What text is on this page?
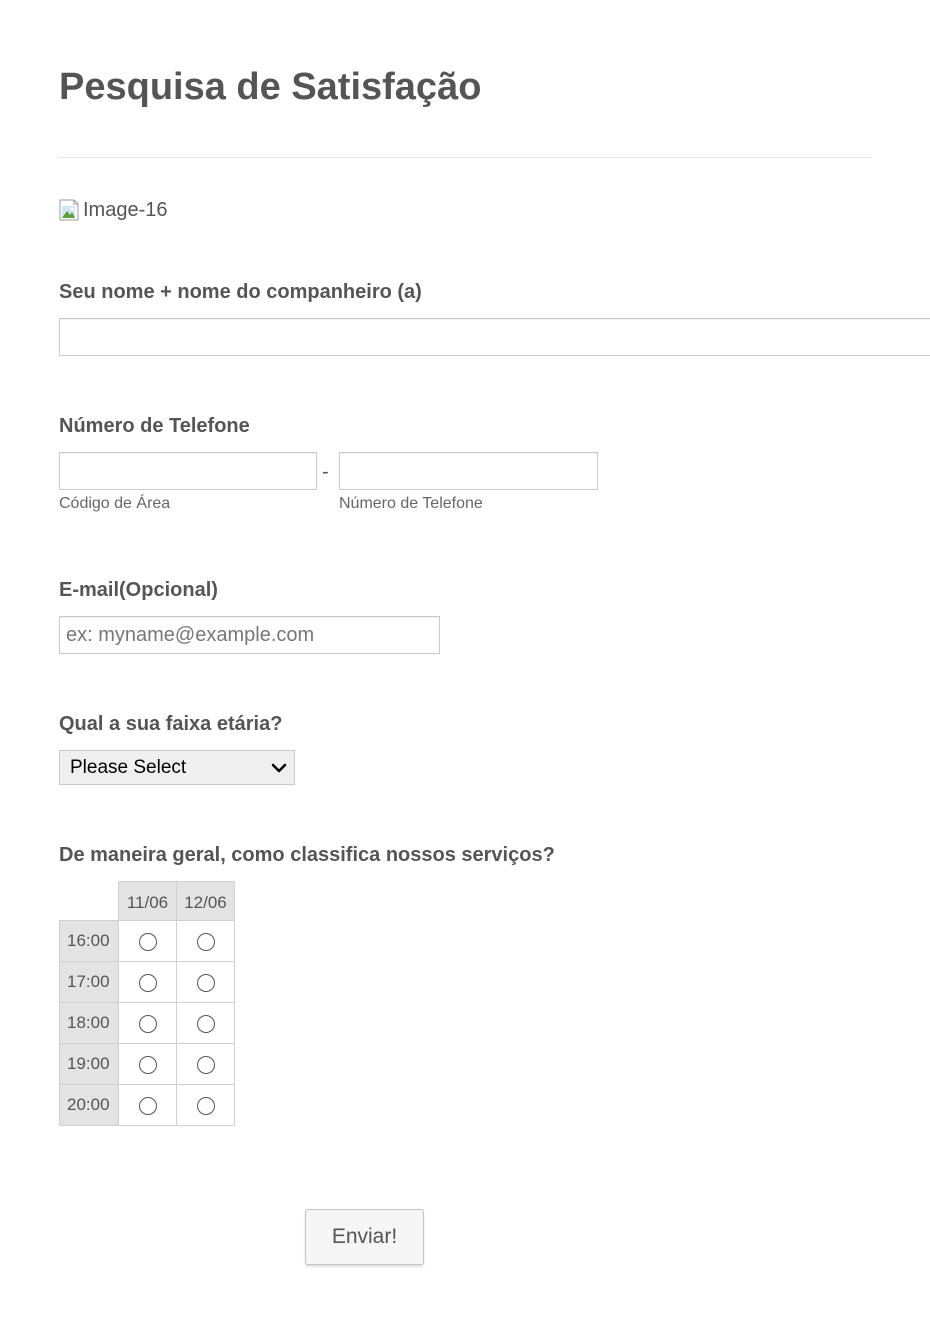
Pesquisa de Satisfação
Image-16
Seu nome + nome do companheiro (a)
Número de Telefone
-
Código de Área	Número de Telefone
E-mail(Opcional)
ex: myname@example.com
Qual a sua faixa etária?
Please Select
De maneira geral, como classifica nossos serviços?
	11/06	12/06
16:00		
17:00		
18:00		
19:00		
20:00		
Enviar!
